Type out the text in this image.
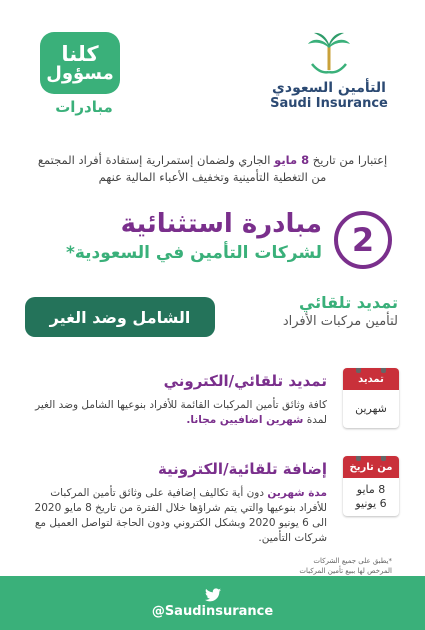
كلنا
مسؤول
مبادرات
التأمين السعودي
Saudi Insurance
إعتبارا من تاريخ 8 مايو الجاري ولضمان إستمرارية إستفادة أفراد المجتمع من التغطية التأمينية وتخفيف الأعباء المالية عنهم
2
مبادرة استثنائية
لشركات التأمين في السعودية*
تمديد تلقائي
لتأمين مركبات الأفراد
الشامل وضد الغير
تمديد
شهرين
تمديد تلقائي/الكتروني
كافة وثائق تأمين المركبات القائمة للأفراد بنوعيها الشامل وضد الغير لمدة شهرين اضافيين مجانا.
من تاريخ
8 مايو
6 يونيو
إضافة تلقائية/الكترونية
مدة شهرين دون أية تكاليف إضافية على وثائق تأمين المركبات للأفراد بنوعيها والتي يتم شراؤها خلال الفترة من تاريخ 8 مايو 2020 الى 6 يونيو 2020 وبشكل الكتروني ودون الحاجة لتواصل العميل مع شركات التأمين.
*يطبق على جميع الشركات
المرخص لها ببيع تأمين المركبات
@Saudinsurance
